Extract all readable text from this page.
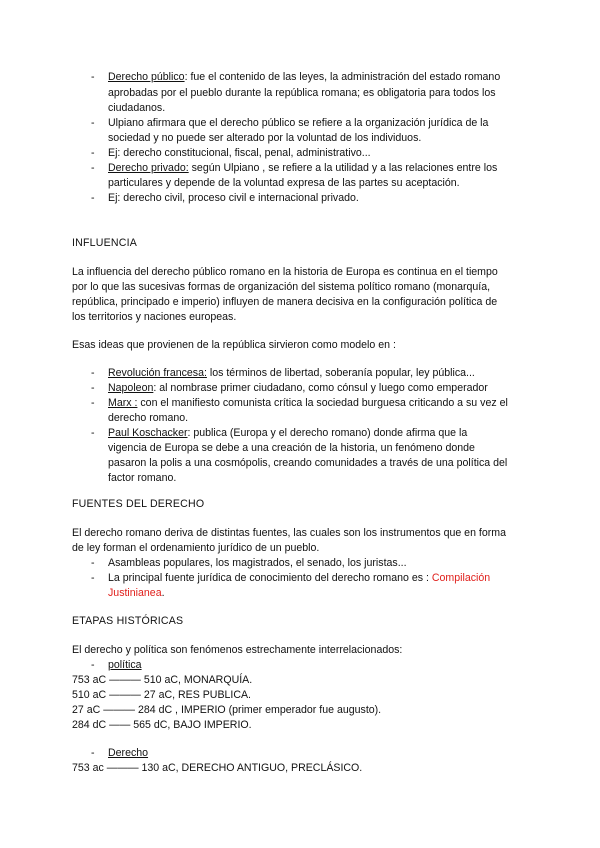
- Derecho público: fue el contenido de las leyes, la administración del estado romano
aprobadas por el pueblo durante la república romana; es obligatoria para todos los
ciudadanos.
- Ulpiano afirmara que el derecho público se refiere a la organización jurídica de la
sociedad y no puede ser alterado por la voluntad de los individuos.
- Ej: derecho constitucional, fiscal, penal, administrativo...
- Derecho privado: según Ulpiano , se refiere a la utilidad y a las relaciones entre los
particulares y depende de la voluntad expresa de las partes su aceptación.
- Ej: derecho civil, proceso civil e internacional privado.
INFLUENCIA
La influencia del derecho público romano en la historia de Europa es continua en el tiempo
por lo que las sucesivas formas de organización del sistema político romano (monarquía,
república, principado e imperio) influyen de manera decisiva en la configuración política de
los territorios y naciones europeas.
Esas ideas que provienen de la república sirvieron como modelo en :
- Revolución francesa: los términos de libertad, soberanía popular, ley pública...
- Napoleon: al nombrase primer ciudadano, como cónsul y luego como emperador
- Marx : con el manifiesto comunista crítica la sociedad burguesa criticando a su vez el
derecho romano.
- Paul Koschacker: publica (Europa y el derecho romano) donde afirma que la
vigencia de Europa se debe a una creación de la historia, un fenómeno donde
pasaron la polis a una cosmópolis, creando comunidades a través de una política del
factor romano.
FUENTES DEL DERECHO
El derecho romano deriva de distintas fuentes, las cuales son los instrumentos que en forma
de ley forman el ordenamiento jurídico de un pueblo.
- Asambleas populares, los magistrados, el senado, los juristas...
- La principal fuente jurídica de conocimiento del derecho romano es : Compilación
Justinianea.
ETAPAS HISTÓRICAS
El derecho y política son fenómenos estrechamente interrelacionados:
- política
753 aC ——— 510 aC, MONARQUÍA.
510 aC ——— 27 aC, RES PUBLICA.
27 aC ——— 284 dC , IMPERIO (primer emperador fue augusto).
284 dC —— 565 dC, BAJO IMPERIO.
- Derecho
753 ac ——— 130 aC, DERECHO ANTIGUO, PRECLÁSICO.
